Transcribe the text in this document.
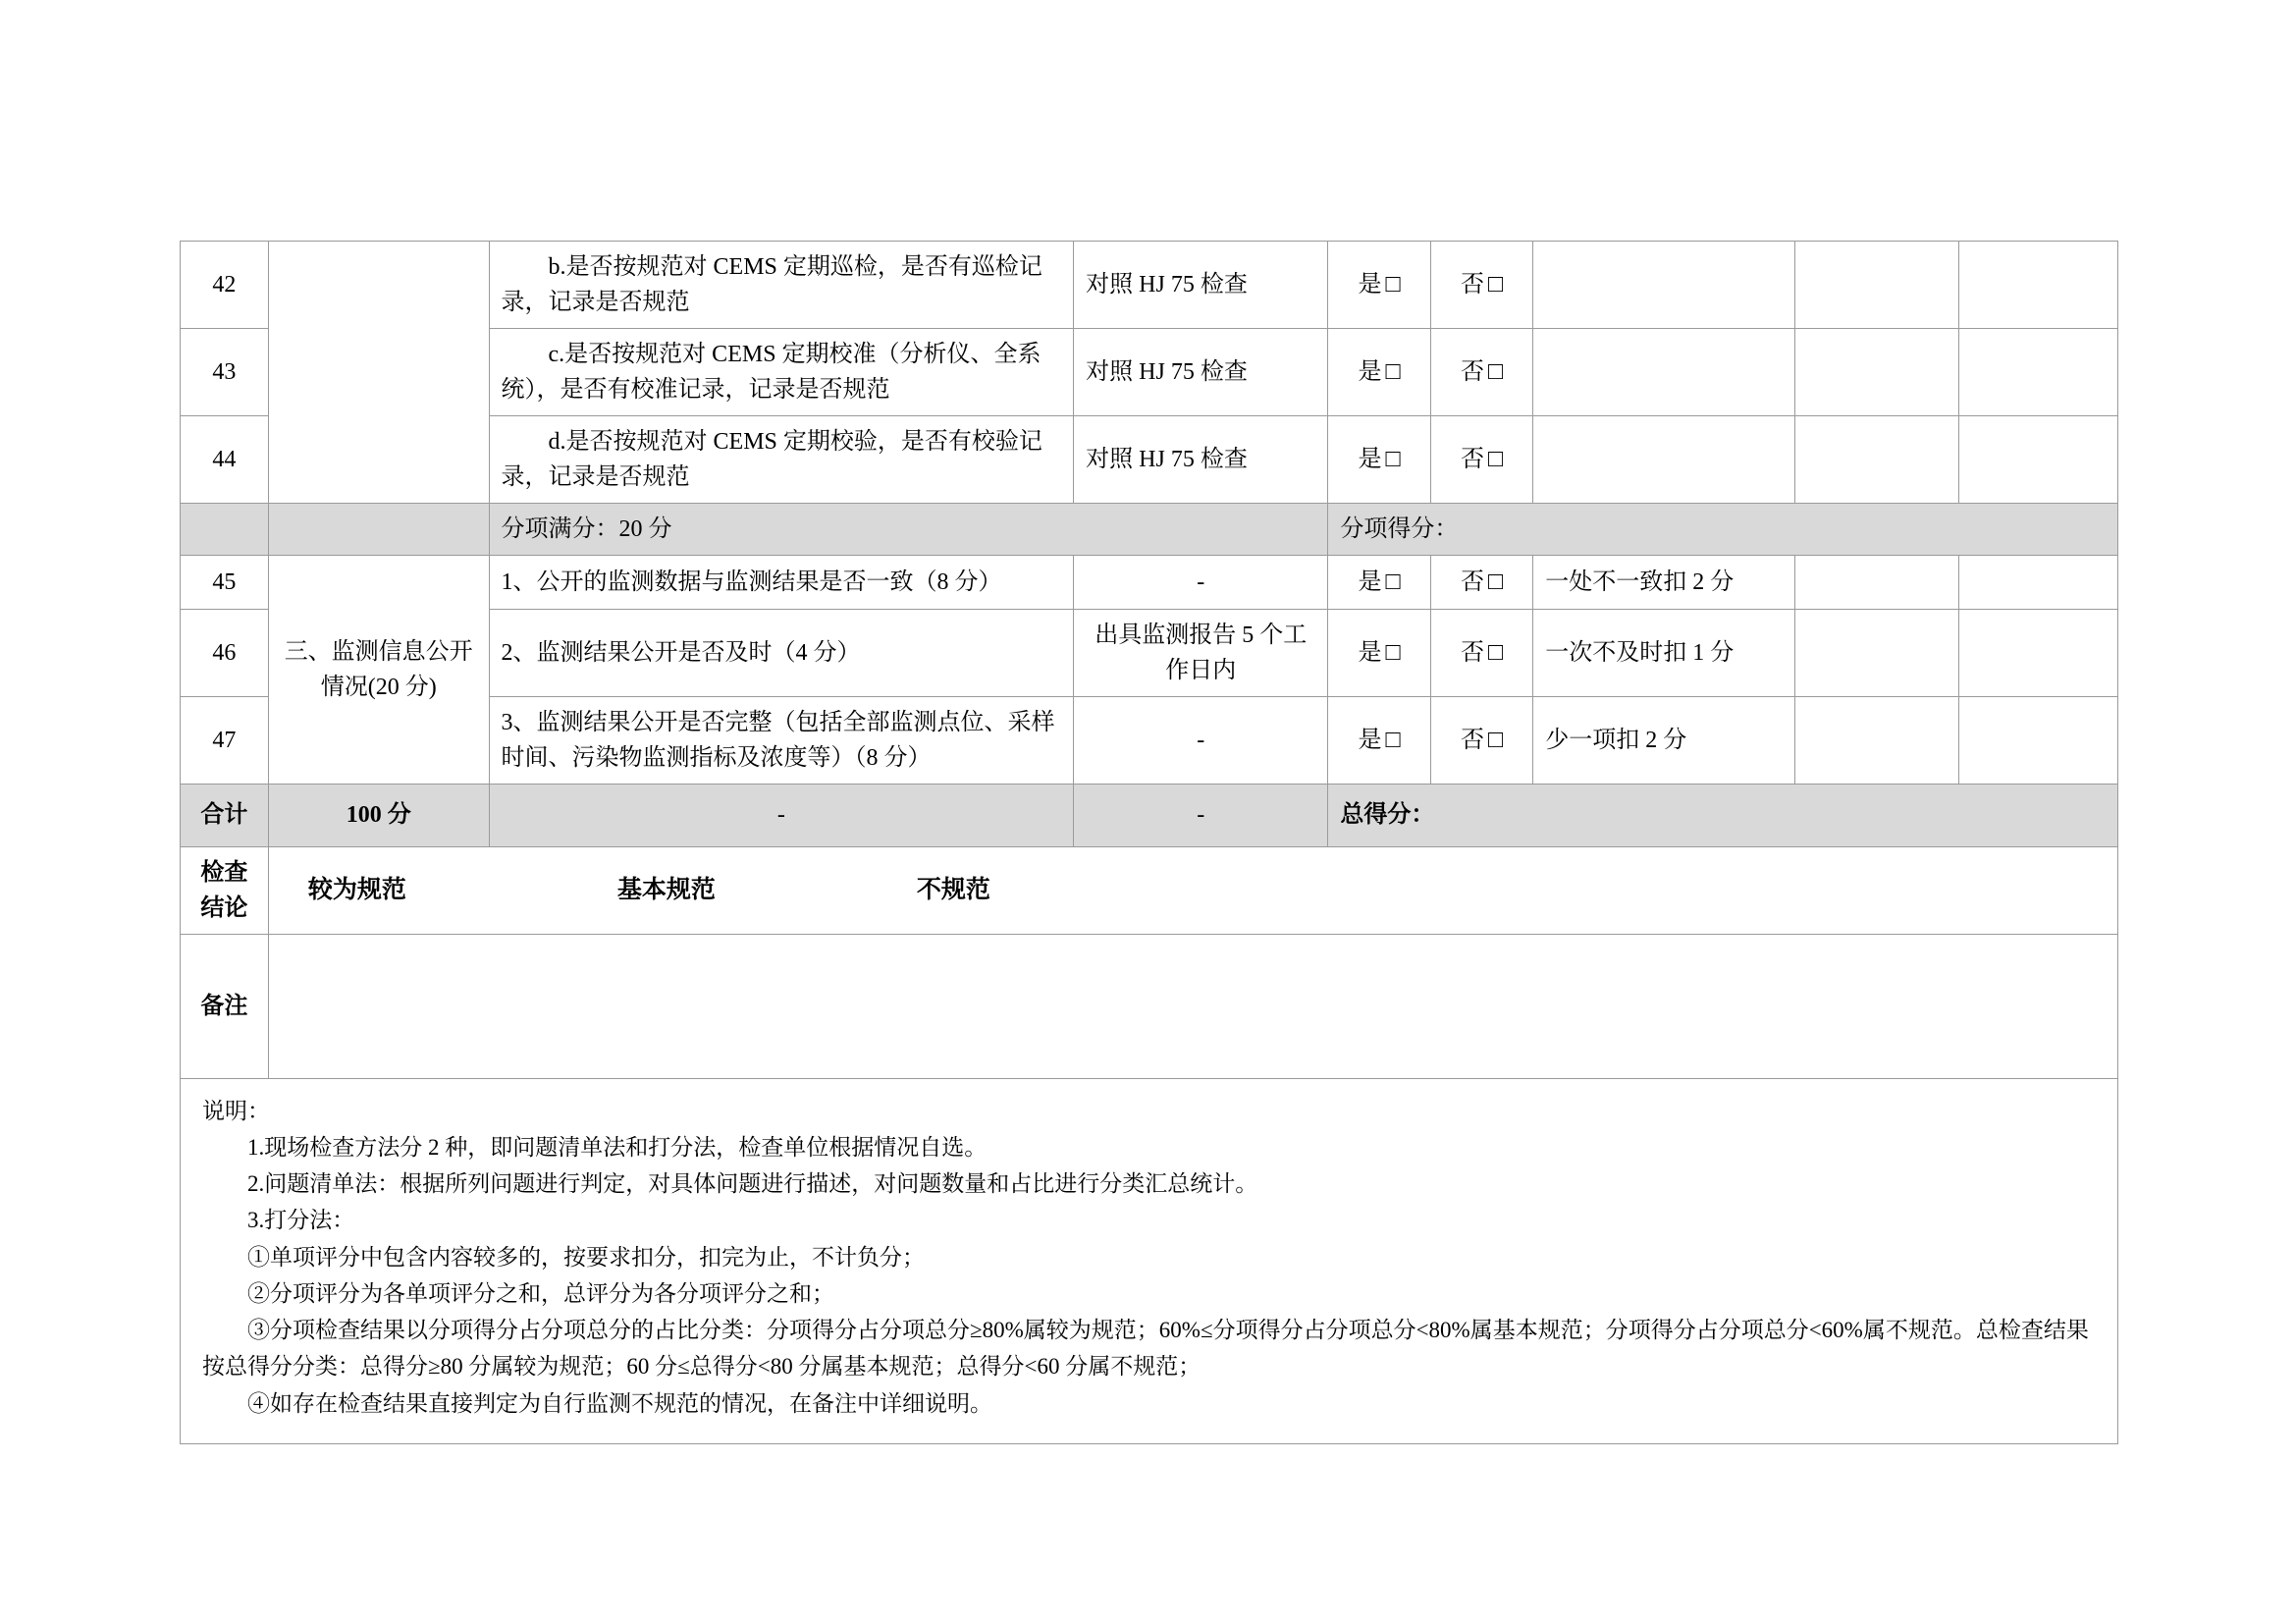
42		b.是否按规范对 CEMS 定期巡检，是否有巡检记录，记录是否规范	对照 HJ 75 检查	是 □	否 □			
43		c.是否按规范对 CEMS 定期校准（分析仪、全系统），是否有校准记录，记录是否规范	对照 HJ 75 检查	是 □	否 □			
44		d.是否按规范对 CEMS 定期校验，是否有校验记录，记录是否规范	对照 HJ 75 检查	是 □	否 □			
		分项满分：20 分		分项得分：				
45	三、监测信息公开情况(20 分)	1、公开的监测数据与监测结果是否一致（8 分）	-	是 □	否 □	一处不一致扣 2 分		
46		2、监测结果公开是否及时（4 分）	出具监测报告 5 个工作日内	是 □	否 □	一次不及时扣 1 分		
47		3、监测结果公开是否完整（包括全部监测点位、采样时间、污染物监测指标及浓度等）（8 分）	-	是 □	否 □	少一项扣 2 分		
合计	100 分	-	-	总得分：				
检查结论	较为规范 基本规范 不规范							

备注								

说明：

1.现场检查方法分 2 种，即问题清单法和打分法，检查单位根据情况自选。

2.问题清单法：根据所列问题进行判定，对具体问题进行描述，对问题数量和占比进行分类汇总统计。

3.打分法：

①单项评分中包含内容较多的，按要求扣分，扣完为止，不计负分；

②分项评分为各单项评分之和，总评分为各分项评分之和；

③分项检查结果以分项得分占分项总分的占比分类：分项得分占分项总分≥80%属较为规范；60%≤分项得分占分项总分<80%属基本规范；分项得分占分项总分<60%属不规范。总检查结果按总得分分类：总得分≥80 分属较为规范；60 分≤总得分<80 分属基本规范；总得分<60 分属不规范；

④如存在检查结果直接判定为自行监测不规范的情况，在备注中详细说明。
